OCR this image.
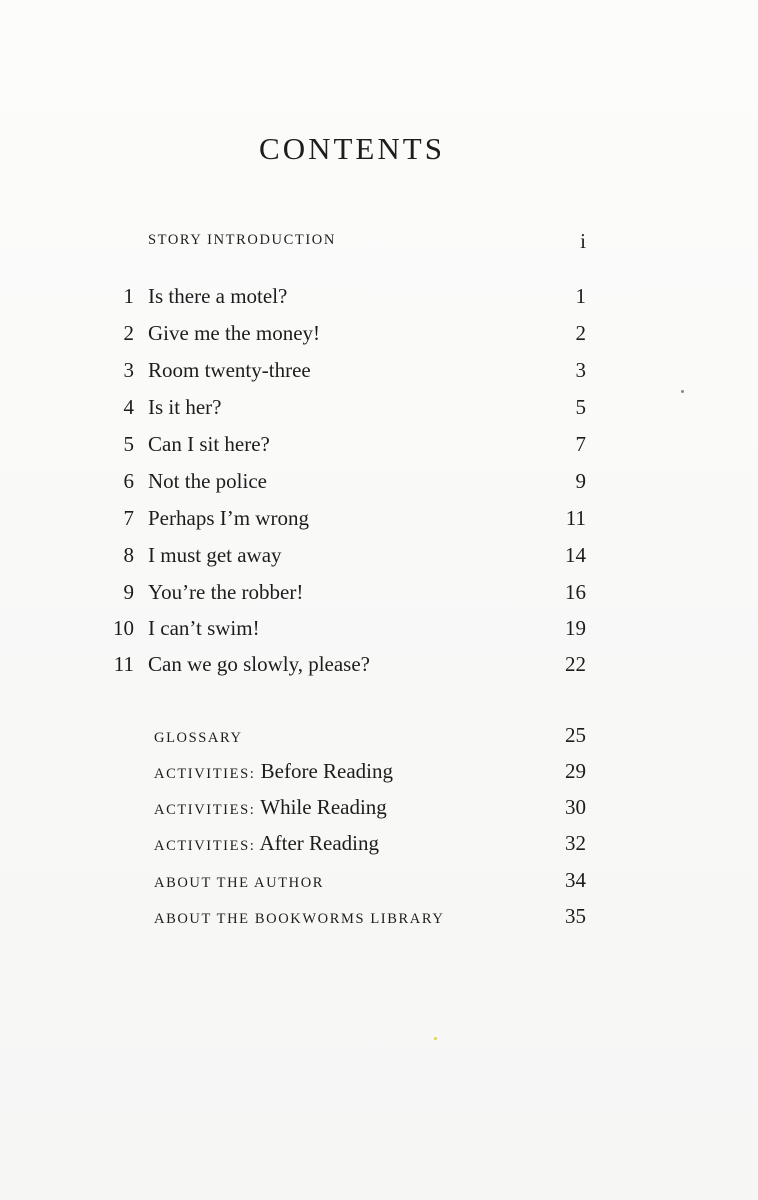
CONTENTS
STORY INTRODUCTION	i
1 Is there a motel?	1
2 Give me the money!	2
3 Room twenty-three	3
4 Is it her?	5
5 Can I sit here?	7
6 Not the police	9
7 Perhaps I’m wrong	11
8 I must get away	14
9 You’re the robber!	16
10 I can’t swim!	19
11 Can we go slowly, please?	22
GLOSSARY	25
ACTIVITIES: Before Reading	29
ACTIVITIES: While Reading	30
ACTIVITIES: After Reading	32
ABOUT THE AUTHOR	34
ABOUT THE BOOKWORMS LIBRARY	35
